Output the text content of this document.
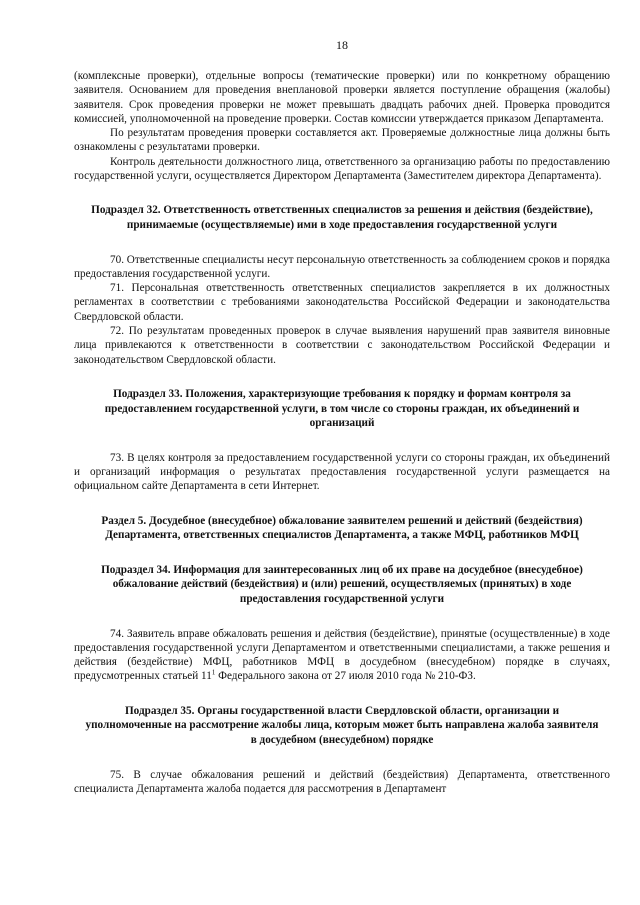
18

(комплексные проверки), отдельные вопросы (тематические проверки) или по конкретному обращению заявителя. Основанием для проведения внеплановой проверки является поступление обращения (жалобы) заявителя. Срок проведения проверки не может превышать двадцать рабочих дней. Проверка проводится комиссией, уполномоченной на проведение проверки. Состав комиссии утверждается приказом Департамента.

По результатам проведения проверки составляется акт. Проверяемые должностные лица должны быть ознакомлены с результатами проверки.

Контроль деятельности должностного лица, ответственного за организацию работы по предоставлению государственной услуги, осуществляется Директором Департамента (Заместителем директора Департамента).

Подраздел 32. Ответственность ответственных специалистов за решения и действия (бездействие), принимаемые (осуществляемые) ими в ходе предоставления государственной услуги

70. Ответственные специалисты несут персональную ответственность за соблюдением сроков и порядка предоставления государственной услуги.

71. Персональная ответственность ответственных специалистов закрепляется в их должностных регламентах в соответствии с требованиями законодательства Российской Федерации и законодательства Свердловской области.

72. По результатам проведенных проверок в случае выявления нарушений прав заявителя виновные лица привлекаются к ответственности в соответствии с законодательством Российской Федерации и законодательством Свердловской области.

Подраздел 33. Положения, характеризующие требования к порядку и формам контроля за предоставлением государственной услуги, в том числе со стороны граждан, их объединений и организаций

73. В целях контроля за предоставлением государственной услуги со стороны граждан, их объединений и организаций информация о результатах предоставления государственной услуги размещается на официальном сайте Департамента в сети Интернет.

Раздел 5. Досудебное (внесудебное) обжалование заявителем решений и действий (бездействия) Департамента, ответственных специалистов Департамента, а также МФЦ, работников МФЦ
Подраздел 34. Информация для заинтересованных лиц об их праве на досудебное (внесудебное) обжалование действий (бездействия) и (или) решений, осуществляемых (принятых) в ходе предоставления государственной услуги

74. Заявитель вправе обжаловать решения и действия (бездействие), принятые (осуществленные) в ходе предоставления государственной услуги Департаментом и ответственными специалистами, а также решения и действия (бездействие) МФЦ, работников МФЦ в досудебном (внесудебном) порядке в случаях, предусмотренных статьей $11^1$ Федерального закона от 27 июля 2010 года № 210-ФЗ.

Подраздел 35. Органы государственной власти Свердловской области, организации и уполномоченные на рассмотрение жалобы лица, которым может быть направлена жалоба заявителя в досудебном (внесудебном) порядке

75. В случае обжалования решений и действий (бездействия) Департамента, ответственного специалиста Департамента жалоба подается для рассмотрения в Департамент
